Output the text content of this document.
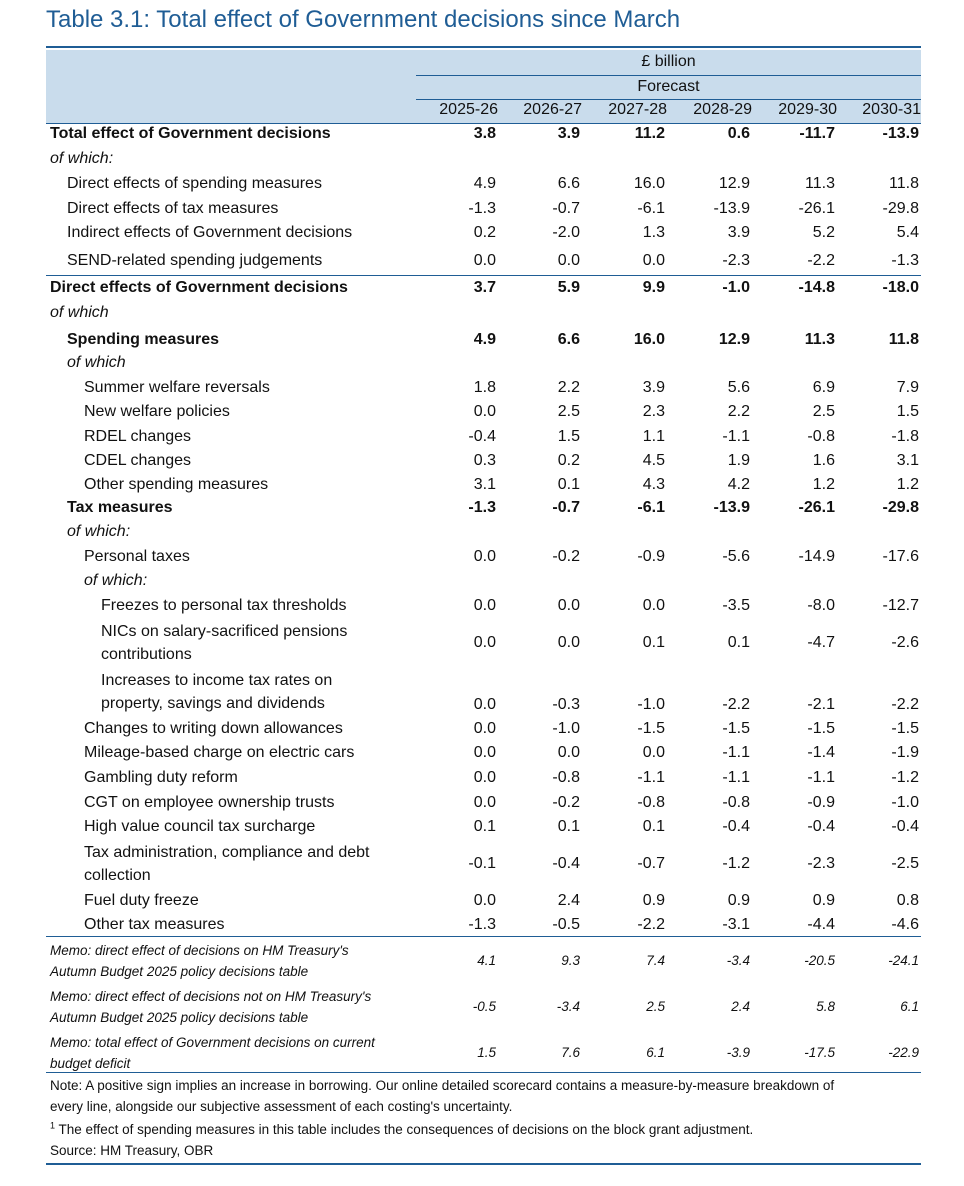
Table 3.1: Total effect of Government decisions since March
£ billion
Forecast
2025-26	2026-27	2027-28	2028-29	2029-30	2030-31
Total effect of Government decisions	3.8	3.9	11.2	0.6	-11.7	-13.9
of which:
Direct effects of spending measures	4.9	6.6	16.0	12.9	11.3	11.8
Direct effects of tax measures	-1.3	-0.7	-6.1	-13.9	-26.1	-29.8
Indirect effects of Government decisions	0.2	-2.0	1.3	3.9	5.2	5.4
SEND-related spending judgements	0.0	0.0	0.0	-2.3	-2.2	-1.3
Direct effects of Government decisions	3.7	5.9	9.9	-1.0	-14.8	-18.0
of which
Spending measures	4.9	6.6	16.0	12.9	11.3	11.8
of which
Summer welfare reversals	1.8	2.2	3.9	5.6	6.9	7.9
New welfare policies	0.0	2.5	2.3	2.2	2.5	1.5
RDEL changes	-0.4	1.5	1.1	-1.1	-0.8	-1.8
CDEL changes	0.3	0.2	4.5	1.9	1.6	3.1
Other spending measures	3.1	0.1	4.3	4.2	1.2	1.2
Tax measures	-1.3	-0.7	-6.1	-13.9	-26.1	-29.8
of which:
Personal taxes	0.0	-0.2	-0.9	-5.6	-14.9	-17.6
of which:
Freezes to personal tax thresholds	0.0	0.0	0.0	-3.5	-8.0	-12.7
NICs on salary-sacrificed pensions
contributions
0.0	0.0	0.1	0.1	-4.7	-2.6
Increases to income tax rates on
property, savings and dividends	0.0	-0.3	-1.0	-2.2	-2.1	-2.2
Changes to writing down allowances	0.0	-1.0	-1.5	-1.5	-1.5	-1.5
Mileage-based charge on electric cars	0.0	0.0	0.0	-1.1	-1.4	-1.9
Gambling duty reform	0.0	-0.8	-1.1	-1.1	-1.1	-1.2
CGT on employee ownership trusts	0.0	-0.2	-0.8	-0.8	-0.9	-1.0
High value council tax surcharge	0.1	0.1	0.1	-0.4	-0.4	-0.4
Tax administration, compliance and debt
collection
-0.1	-0.4	-0.7	-1.2	-2.3	-2.5
Fuel duty freeze	0.0	2.4	0.9	0.9	0.9	0.8
Other tax measures	-1.3	-0.5	-2.2	-3.1	-4.4	-4.6
Memo: direct effect of decisions on HM Treasury's
Autumn Budget 2025 policy decisions table
4.1	9.3	7.4	-3.4	-20.5	-24.1
Memo: direct effect of decisions not on HM Treasury's
Autumn Budget 2025 policy decisions table
-0.5	-3.4	2.5	2.4	5.8	6.1
Memo: total effect of Government decisions on current
budget deficit
1.5	7.6	6.1	-3.9	-17.5	-22.9
Note: A positive sign implies an increase in borrowing. Our online detailed scorecard contains a measure-by-measure breakdown of
every line, alongside our subjective assessment of each costing's uncertainty.
$^1$ The effect of spending measures in this table includes the consequences of decisions on the block grant adjustment.
Source: HM Treasury, OBR
